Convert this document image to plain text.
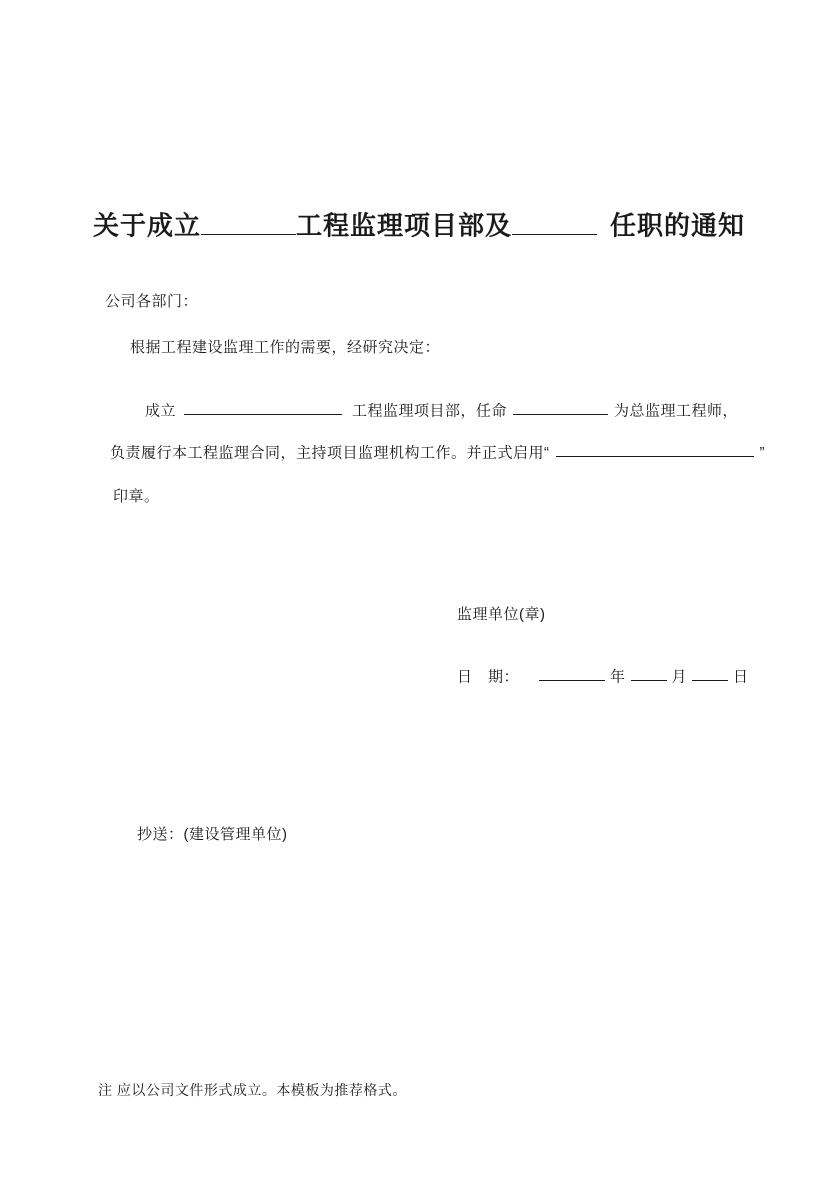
关于成立	工程监理项目部及	任职的通知
公司各部门：
根据工程建设监理工作的需要，经研究决定：
成立	工程监理项目部，任命	为总监理工程师，
负责履行本工程监理合同，主持项目监理机构工作。并正式启用“	”
印章。
监理单位(章)
日　期：	年	月	日
抄送：(建设管理单位)
注 应以公司文件形式成立。本模板为推荐格式。
